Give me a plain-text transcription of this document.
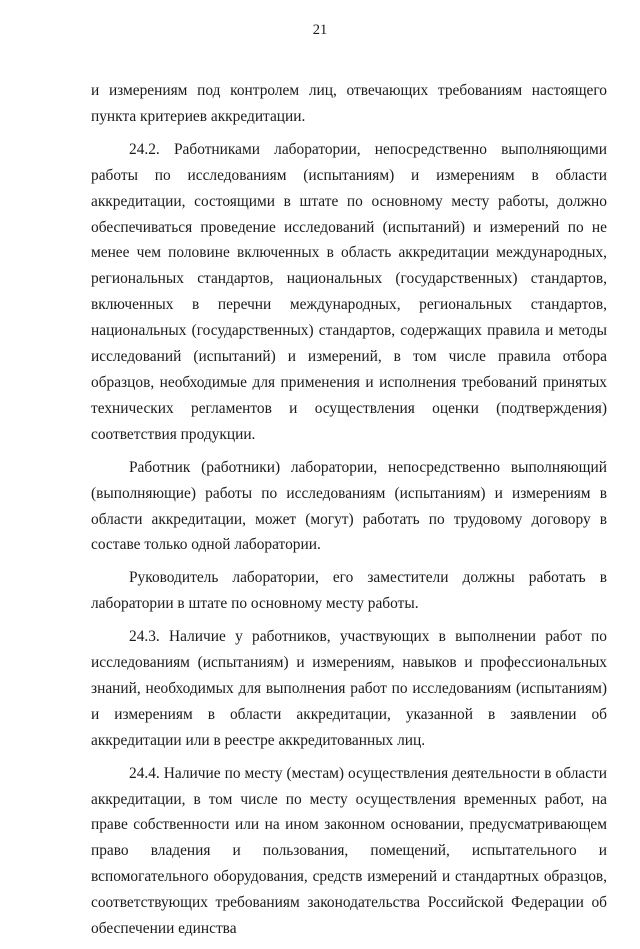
21

и измерениям под контролем лиц, отвечающих требованиям настоящего пункта критериев аккредитации.

24.2. Работниками лаборатории, непосредственно выполняющими работы по исследованиям (испытаниям) и измерениям в области аккредитации, состоящими в штате по основному месту работы, должно обеспечиваться проведение исследований (испытаний) и измерений по не менее чем половине включенных в область аккредитации международных, региональных стандартов, национальных (государственных) стандартов, включенных в перечни международных, региональных стандартов, национальных (государственных) стандартов, содержащих правила и методы исследований (испытаний) и измерений, в том числе правила отбора образцов, необходимые для применения и исполнения требований принятых технических регламентов и осуществления оценки (подтверждения) соответствия продукции.

Работник (работники) лаборатории, непосредственно выполняющий (выполняющие) работы по исследованиям (испытаниям) и измерениям в области аккредитации, может (могут) работать по трудовому договору в составе только одной лаборатории.

Руководитель лаборатории, его заместители должны работать в лаборатории в штате по основному месту работы.

24.3. Наличие у работников, участвующих в выполнении работ по исследованиям (испытаниям) и измерениям, навыков и профессиональных знаний, необходимых для выполнения работ по исследованиям (испытаниям) и измерениям в области аккредитации, указанной в заявлении об аккредитации или в реестре аккредитованных лиц.

24.4. Наличие по месту (местам) осуществления деятельности в области аккредитации, в том числе по месту осуществления временных работ, на праве собственности или на ином законном основании, предусматривающем право владения и пользования, помещений, испытательного и вспомогательного оборудования, средств измерений и стандартных образцов, соответствующих требованиям законодательства Российской Федерации об обеспечении единства
